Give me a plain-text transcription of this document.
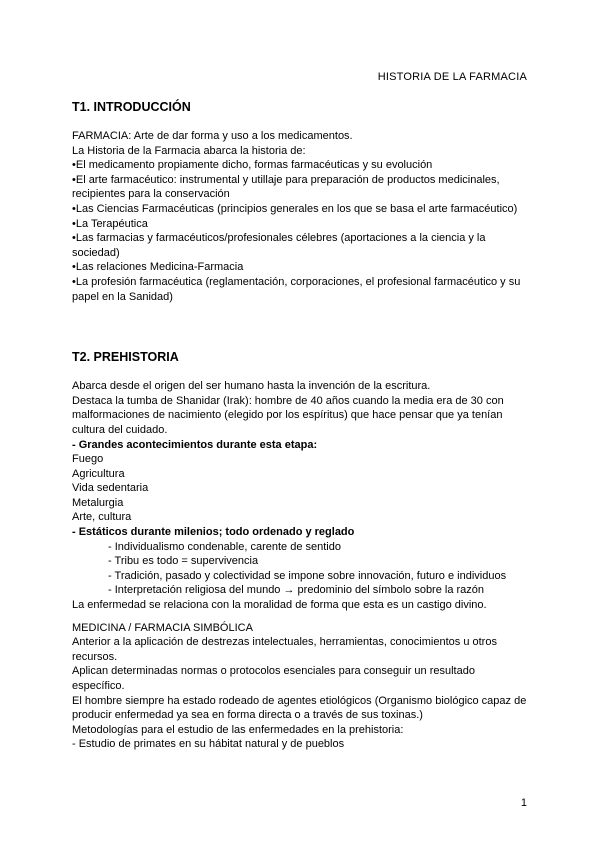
HISTORIA DE LA FARMACIA
T1. INTRODUCCIÓN

FARMACIA: Arte de dar forma y uso a los medicamentos.

La Historia de la Farmacia abarca la historia de:

•El medicamento propiamente dicho, formas farmacéuticas y su evolución

•El arte farmacéutico: instrumental y utillaje para preparación de productos medicinales, recipientes para la conservación

•Las Ciencias Farmacéuticas (principios generales en los que se basa el arte farmacéutico)

•La Terapéutica

•Las farmacias y farmacéuticos/profesionales célebres (aportaciones a la ciencia y la sociedad)

•Las relaciones Medicina-Farmacia

•La profesión farmacéutica (reglamentación, corporaciones, el profesional farmacéutico y su papel en la Sanidad)

T2. PREHISTORIA

Abarca desde el origen del ser humano hasta la invención de la escritura.

Destaca la tumba de Shanidar (Irak): hombre de 40 años cuando la media era de 30 con malformaciones de nacimiento (elegido por los espíritus) que hace pensar que ya tenían cultura del cuidado.

- Grandes acontecimientos durante esta etapa:

Fuego

Agricultura

Vida sedentaria

Metalurgia

Arte, cultura

- Estáticos durante milenios; todo ordenado y reglado

- Individualismo condenable, carente de sentido

- Tribu es todo = supervivencia

- Tradición, pasado y colectividad se impone sobre innovación, futuro e individuos

- Interpretación religiosa del mundo → predominio del símbolo sobre la razón

La enfermedad se relaciona con la moralidad de forma que esta es un castigo divino.

MEDICINA / FARMACIA SIMBÓLICA

Anterior a la aplicación de destrezas intelectuales, herramientas, conocimientos u otros recursos.

Aplican determinadas normas o protocolos esenciales para conseguir un resultado específico.

El hombre siempre ha estado rodeado de agentes etiológicos (Organismo biológico capaz de producir enfermedad ya sea en forma directa o a través de sus toxinas.)

Metodologías para el estudio de las enfermedades en la prehistoria:

- Estudio de primates en su hábitat natural y de pueblos

1
